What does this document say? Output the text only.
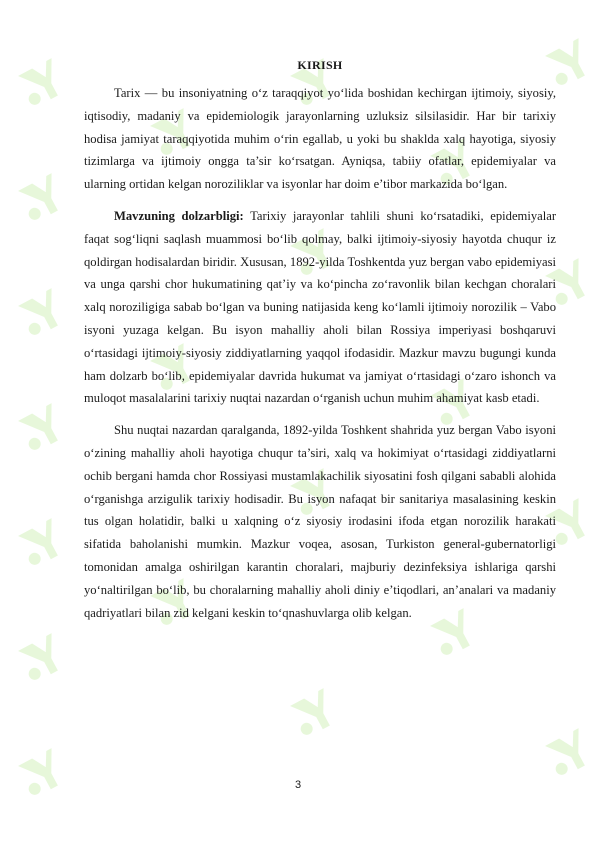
KIRISH

Tarix — bu insoniyatning o‘z taraqqiyot yo‘lida boshidan kechirgan ijtimoiy, siyosiy, iqtisodiy, madaniy va epidemiologik jarayonlarning uzluksiz silsilasidir. Har bir tarixiy hodisa jamiyat taraqqiyotida muhim o‘rin egallab, u yoki bu shaklda xalq hayotiga, siyosiy tizimlarga va ijtimoiy ongga ta’sir ko‘rsatgan. Ayniqsa, tabiiy ofatlar, epidemiyalar va ularning ortidan kelgan noroziliklar va isyonlar har doim e’tibor markazida bo‘lgan.

Mavzuning dolzarbligi: Tarixiy jarayonlar tahlili shuni ko‘rsatadiki, epidemiyalar faqat sog‘liqni saqlash muammosi bo‘lib qolmay, balki ijtimoiy-siyosiy hayotda chuqur iz qoldirgan hodisalardan biridir. Xususan, 1892-yilda Toshkentda yuz bergan vabo epidemiyasi va unga qarshi chor hukumatining qat’iy va ko‘pincha zo‘ravonlik bilan kechgan choralari xalq noroziligiga sabab bo‘lgan va buning natijasida keng ko‘lamli ijtimoiy norozilik – Vabo isyoni yuzaga kelgan. Bu isyon mahalliy aholi bilan Rossiya imperiyasi boshqaruvi o‘rtasidagi ijtimoiy-siyosiy ziddiyatlarning yaqqol ifodasidir. Mazkur mavzu bugungi kunda ham dolzarb bo‘lib, epidemiyalar davrida hukumat va jamiyat o‘rtasidagi o‘zaro ishonch va muloqot masalalarini tarixiy nuqtai nazardan o‘rganish uchun muhim ahamiyat kasb etadi.

Shu nuqtai nazardan qaralganda, 1892-yilda Toshkent shahrida yuz bergan Vabo isyoni o‘zining mahalliy aholi hayotiga chuqur ta’siri, xalq va hokimiyat o‘rtasidagi ziddiyatlarni ochib bergani hamda chor Rossiyasi mustamlakachilik siyosatini fosh qilgani sababli alohida o‘rganishga arzigulik tarixiy hodisadir. Bu isyon nafaqat bir sanitariya masalasining keskin tus olgan holatidir, balki u xalqning o‘z siyosiy irodasini ifoda etgan norozilik harakati sifatida baholanishi mumkin. Mazkur voqea, asosan, Turkiston general-gubernatorligi tomonidan amalga oshirilgan karantin choralari, majburiy dezinfeksiya ishlariga qarshi yo‘naltirilgan bo‘lib, bu choralarning mahalliy aholi diniy e’tiqodlari, an’analari va madaniy qadriyatlari bilan zid kelgani keskin to‘qnashuvlarga olib kelgan.

3
